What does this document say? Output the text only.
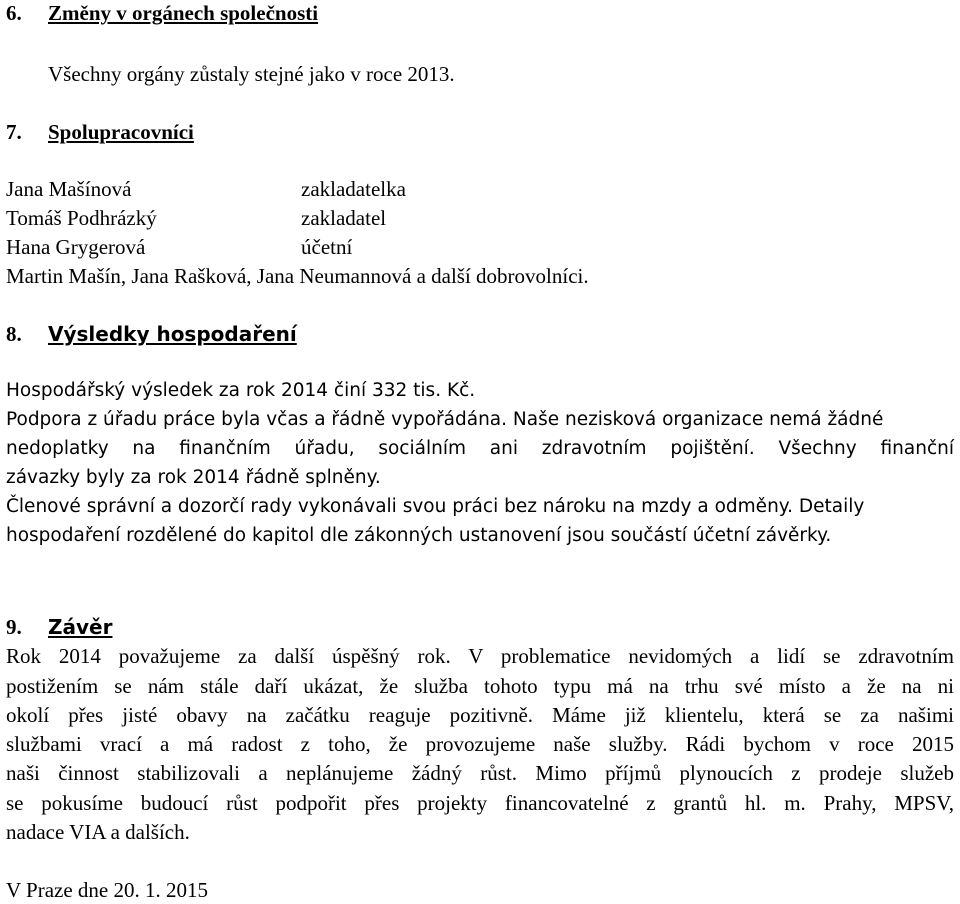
6. Změny v orgánech společnosti
Všechny orgány zůstaly stejné jako v roce 2013.
7. Spolupracovníci
Jana Mašínová	zakladatelka
Tomáš Podhrázký	zakladatel
Hana Grygerová	účetní
Martin Mašín, Jana Rašková, Jana Neumannová a další dobrovolníci.
8. Výsledky hospodaření
Hospodářský výsledek za rok 2014 činí 332 tis. Kč.
Podpora z úřadu práce byla včas a řádně vypořádána. Naše nezisková organizace nemá žádné

nedoplatky na finančním úřadu, sociálním ani zdravotním pojištění. Všechny finanční

závazky byly za rok 2014 řádně splněny.
Členové správní a dozorčí rady vykonávali svou práci bez nároku na mzdy a odměny. Detaily
hospodaření rozdělené do kapitol dle zákonných ustanovení jsou součástí účetní závěrky.
9. Závěr

Rok 2014 považujeme za další úspěšný rok. V problematice nevidomých a lidí se zdravotním

postižením se nám stále daří ukázat, že služba tohoto typu má na trhu své místo a že na ni

okolí přes jisté obavy na začátku reaguje pozitivně. Máme již klientelu, která se za našimi

službami vrací a má radost z toho, že provozujeme naše služby. Rádi bychom v roce 2015

naši činnost stabilizovali a neplánujeme žádný růst. Mimo příjmů plynoucích z prodeje služeb

se pokusíme budoucí růst podpořit přes projekty financovatelné z grantů hl. m. Prahy, MPSV,

nadace VIA a dalších.
V Praze dne 20. 1. 2015
